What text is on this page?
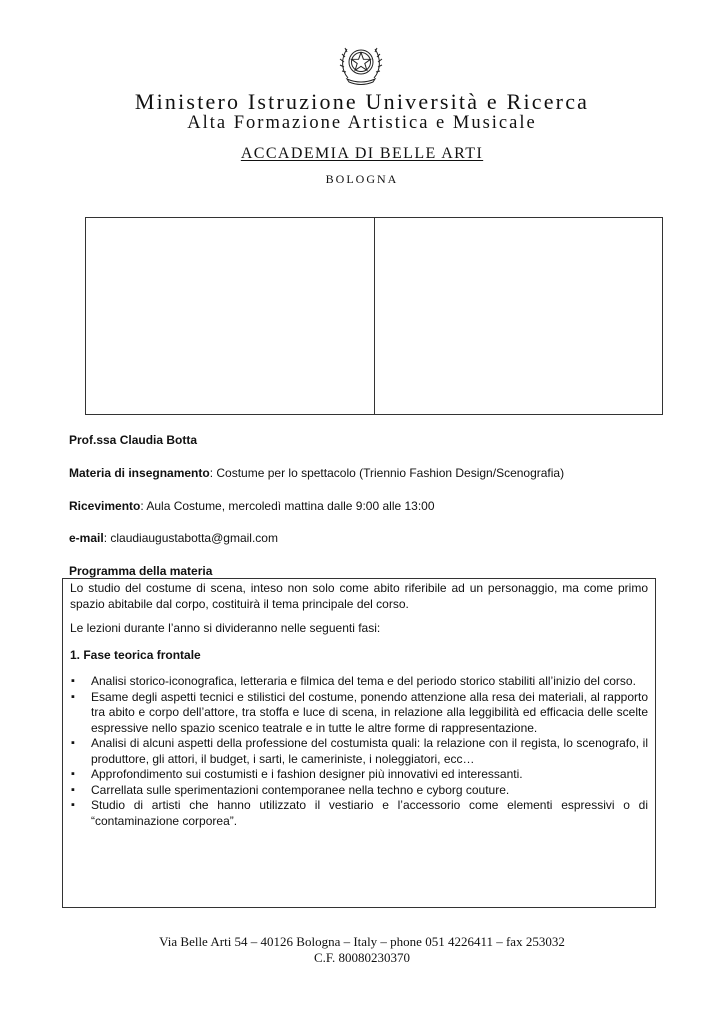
Ministero Istruzione Università e Ricerca
Alta Formazione Artistica e Musicale
ACCADEMIA DI BELLE ARTI
BOLOGNA
Prof.ssa Claudia Botta
Materia di insegnamento: Costume per lo spettacolo (Triennio Fashion Design/Scenografia)
Ricevimento: Aula Costume, mercoledì mattina dalle 9:00 alle 13:00
e-mail: claudiaugustabotta@gmail.com
Programma della materia

Lo studio del costume di scena, inteso non solo come abito riferibile ad un personaggio, ma come primo spazio abitabile dal corpo, costituirà il tema principale del corso.

Le lezioni durante l’anno si divideranno nelle seguenti fasi:

1. Fase teorica frontale

▪ Analisi storico-iconografica, letteraria e filmica del tema e del periodo storico stabiliti all’inizio del corso.
▪ Esame degli aspetti tecnici e stilistici del costume, ponendo attenzione alla resa dei materiali, al rapporto tra abito e corpo dell’attore, tra stoffa e luce di scena, in relazione alla leggibilità ed efficacia delle scelte espressive nello spazio scenico teatrale e in tutte le altre forme di rappresentazione.
▪ Analisi di alcuni aspetti della professione del costumista quali: la relazione con il regista, lo scenografo, il produttore, gli attori, il budget, i sarti, le cameriniste, i noleggiatori, ecc…
▪ Approfondimento sui costumisti e i fashion designer più innovativi ed interessanti.
▪ Carrellata sulle sperimentazioni contemporanee nella techno e cyborg couture.
▪ Studio di artisti che hanno utilizzato il vestiario e l’accessorio come elementi espressivi o di “contaminazione corporea”.
Via Belle Arti 54 – 40126 Bologna – Italy – phone 051 4226411 – fax 253032
C.F. 80080230370
